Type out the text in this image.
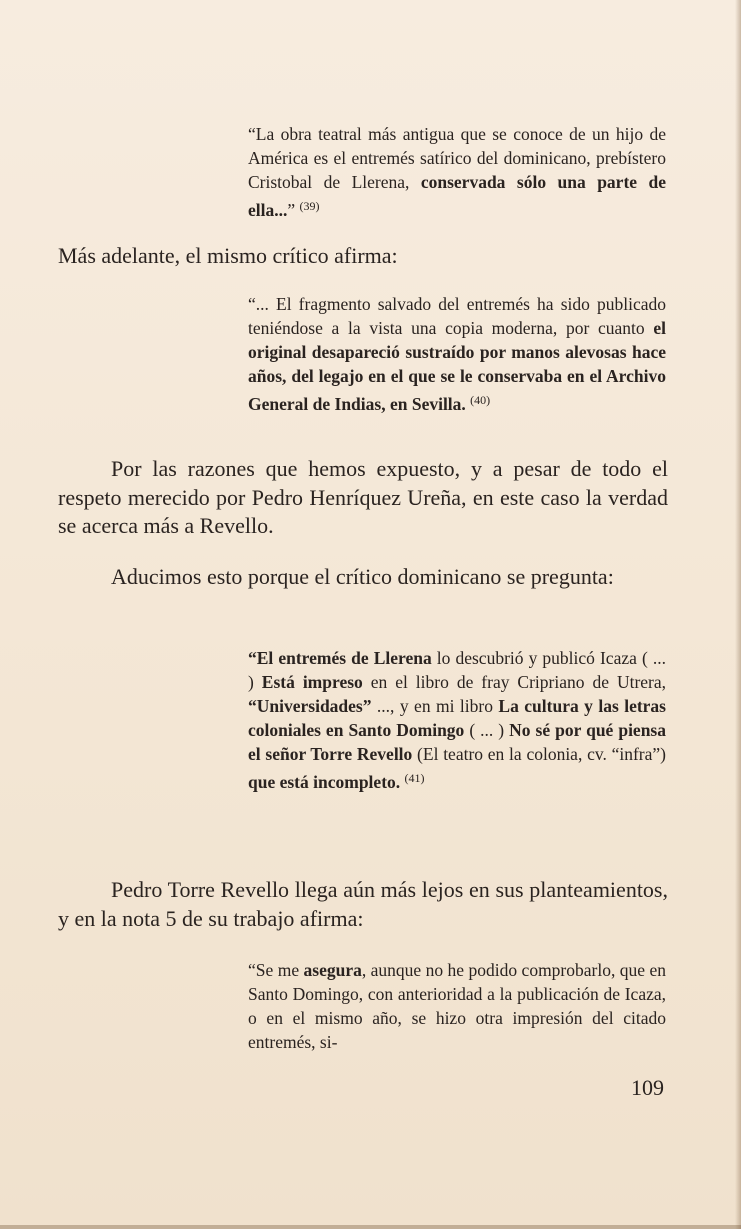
“La obra teatral más antigua que se conoce de un hijo de América es el entremés satírico del dominicano, prebístero Cristobal de Llerena, conservada sólo una parte de ella...” $^{(39)}$

Más adelante, el mismo crítico afirma:

“... El fragmento salvado del entremés ha sido publicado teniéndose a la vista una copia moderna, por cuanto el original desapareció sustraído por manos alevosas hace años, del legajo en el que se le conservaba en el Archivo General de Indias, en Sevilla. $^{(40)}$

Por las razones que hemos expuesto, y a pesar de todo el respeto merecido por Pedro Henríquez Ureña, en este caso la verdad se acerca más a Revello.

Aducimos esto porque el crítico dominicano se pregunta:

“El entremés de Llerena lo descubrió y publicó Icaza ( ... ) Está impreso en el libro de fray Cripriano de Utrera, “Universidades” ..., y en mi libro La cultura y las letras coloniales en Santo Domingo ( ... ) No sé por qué piensa el señor Torre Revello (El teatro en la colonia, cv. “infra”) que está incompleto. $^{(41)}$

Pedro Torre Revello llega aún más lejos en sus planteamientos, y en la nota 5 de su trabajo afirma:

“Se me asegura, aunque no he podido comprobarlo, que en Santo Domingo, con anterioridad a la publicación de Icaza, o en el mismo año, se hizo otra impresión del citado entremés, si-

109
